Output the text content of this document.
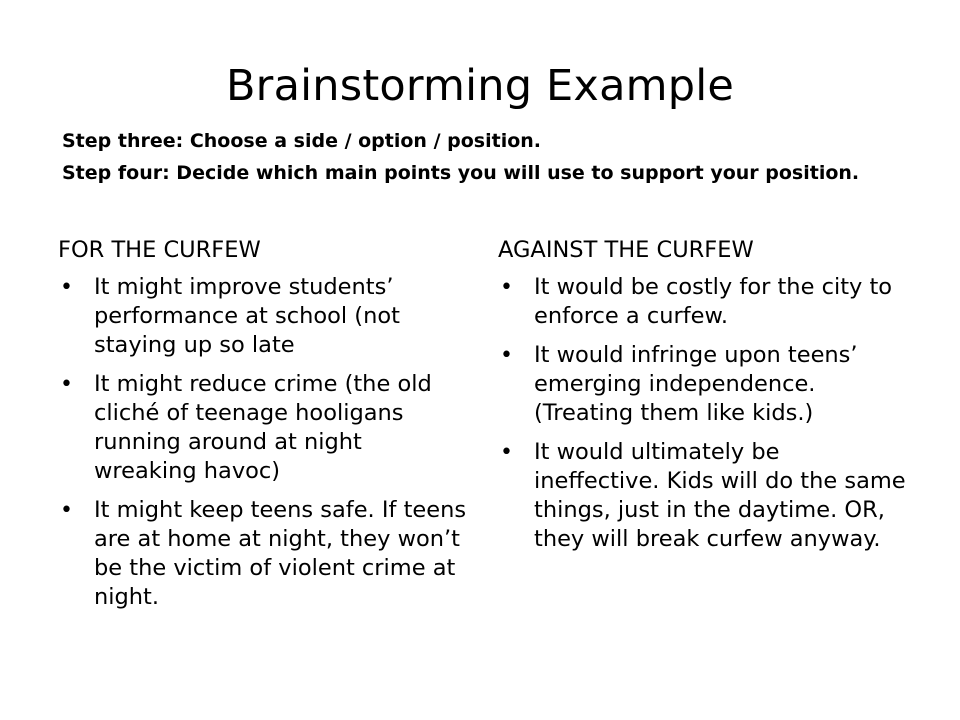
Brainstorming Example

Step three: Choose a side / option / position.

Step four: Decide which main points you will use to support your position.

FOR THE CURFEW
• It might improve students’ performance at school (not staying up so late
• It might reduce crime (the old cliché of teenage hooligans running around at night wreaking havoc)
• It might keep teens safe. If teens are at home at night, they won’t be the victim of violent crime at night.
AGAINST THE CURFEW
• It would be costly for the city to enforce a curfew.
• It would infringe upon teens’ emerging independence. (Treating them like kids.)
• It would ultimately be ineffective. Kids will do the same things, just in the daytime. OR, they will break curfew anyway.
